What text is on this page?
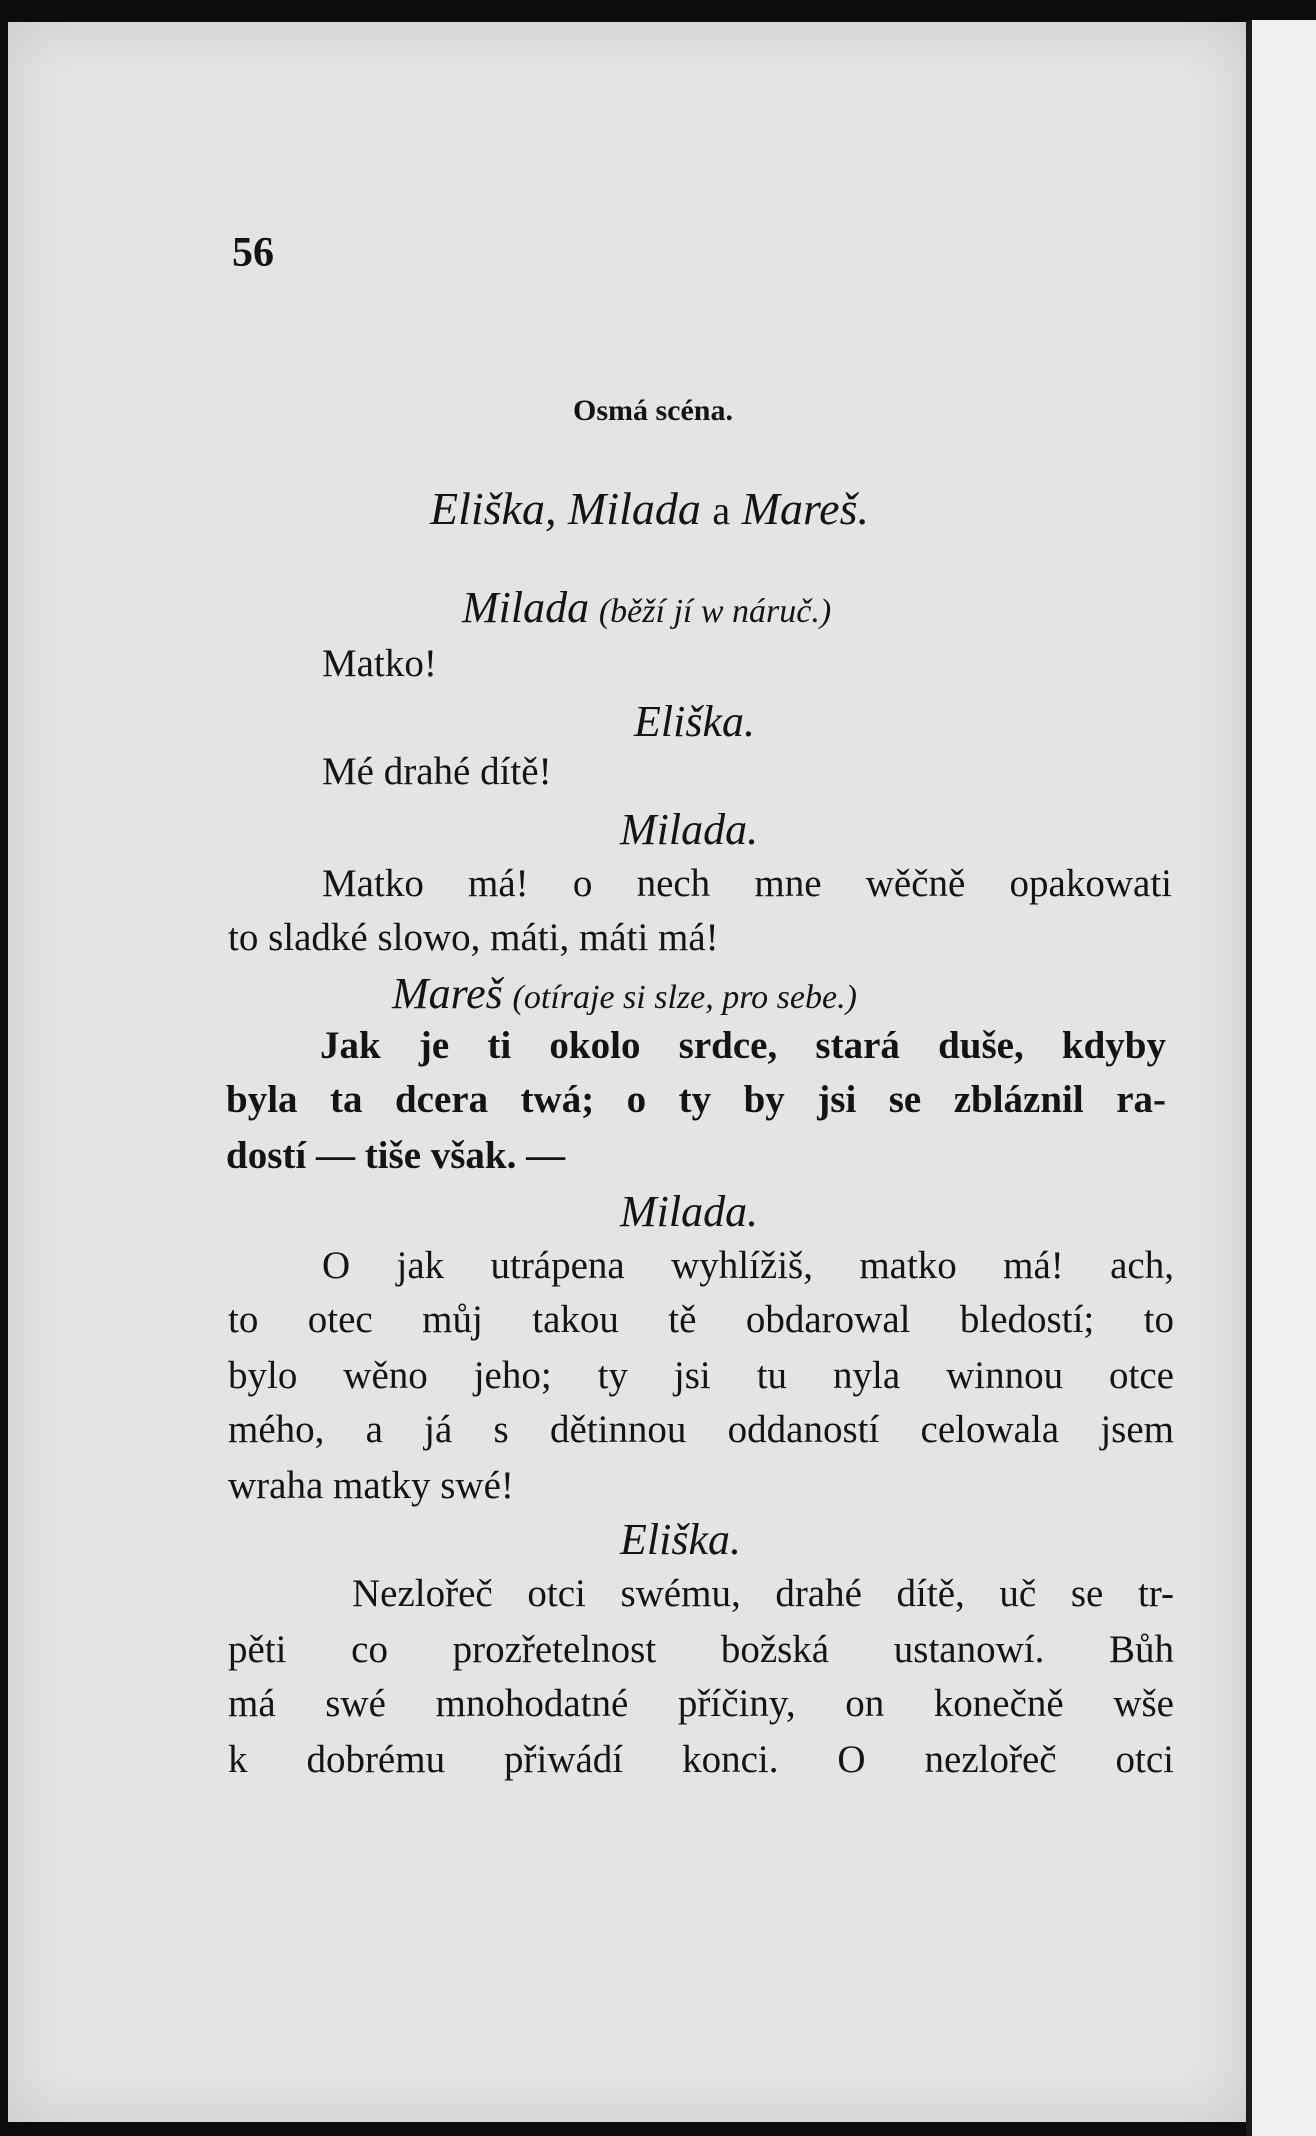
56
Osmá scéna.
Eliška, Milada a Mareš.
Milada (běží jí w náruč.)
Matko!
Eliška.
Mé drahé dítě!
Milada.
Matko má! o nech mne wěčně opakowati
to sladké slowo, máti, máti má!
Mareš (otíraje si slze, pro sebe.)
Jak je ti okolo srdce, stará duše, kdyby
byla ta dcera twá; o ty by jsi se zbláznil ra-
dostí — tiše však. —
Milada.
O jak utrápena wyhlížiš, matko má! ach,
to otec můj takou tě obdarowal bledostí; to
bylo wěno jeho; ty jsi tu nyla winnou otce
mého, a já s dětinnou oddaností celowala jsem
wraha matky swé!
Eliška.
Nezlořeč otci swému, drahé dítě, uč se tr-
pěti co prozřetelnost božská ustanowí. Bůh
má swé mnohodatné příčiny, on konečně wše
k dobrému přiwádí konci. O nezlořeč otci
